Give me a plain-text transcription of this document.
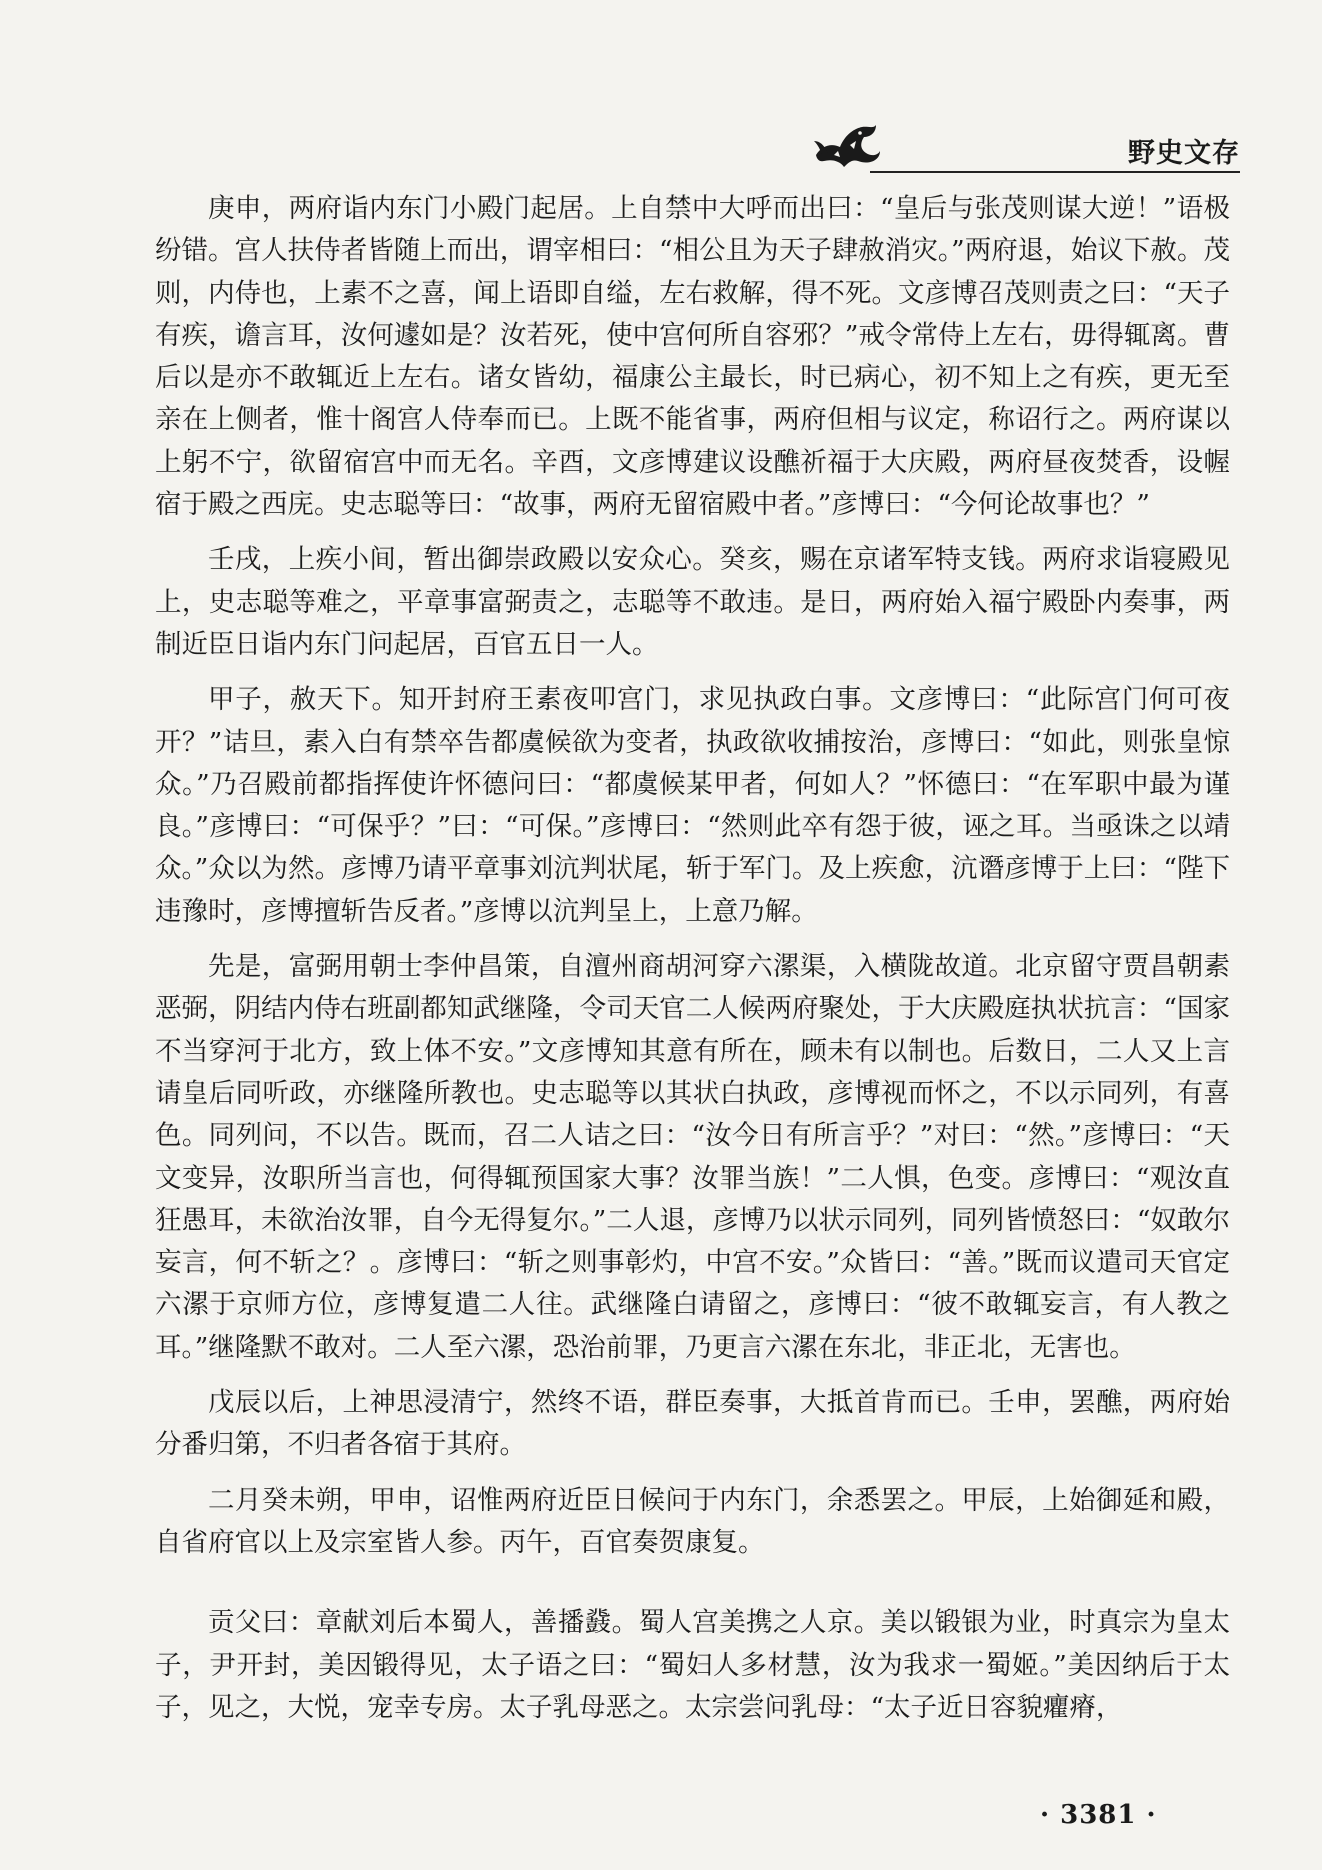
野史文存

庚申，两府诣内东门小殿门起居。上自禁中大呼而出曰：“皇后与张茂则谋大逆！”语极纷错。宫人扶侍者皆随上而出，谓宰相曰：“相公且为天子肆赦消灾。”两府退，始议下赦。茂则，内侍也，上素不之喜，闻上语即自缢，左右救解，得不死。文彦博召茂则责之曰：“天子有疾，谵言耳，汝何遽如是？汝若死，使中宫何所自容邪？”戒令常侍上左右，毋得辄离。曹后以是亦不敢辄近上左右。诸女皆幼，福康公主最长，时已病心，初不知上之有疾，更无至亲在上侧者，惟十阁宫人侍奉而已。上既不能省事，两府但相与议定，称诏行之。两府谋以上躬不宁，欲留宿宫中而无名。辛酉，文彦博建议设醮祈福于大庆殿，两府昼夜焚香，设幄宿于殿之西庑。史志聪等曰：“故事，两府无留宿殿中者。”彦博曰：“今何论故事也？”

壬戌，上疾小间，暂出御崇政殿以安众心。癸亥，赐在京诸军特支钱。两府求诣寝殿见上，史志聪等难之，平章事富弼责之，志聪等不敢违。是日，两府始入福宁殿卧内奏事，两制近臣日诣内东门问起居，百官五日一人。

甲子，赦天下。知开封府王素夜叩宫门，求见执政白事。文彦博曰：“此际宫门何可夜开？”诘旦，素入白有禁卒告都虞候欲为变者，执政欲收捕按治，彦博曰：“如此，则张皇惊众。”乃召殿前都指挥使许怀德问曰：“都虞候某甲者，何如人？”怀德曰：“在军职中最为谨良。”彦博曰：“可保乎？”曰：“可保。”彦博曰：“然则此卒有怨于彼，诬之耳。当亟诛之以靖众。”众以为然。彦博乃请平章事刘沆判状尾，斩于军门。及上疾愈，沆谮彦博于上曰：“陛下违豫时，彦博擅斩告反者。”彦博以沆判呈上，上意乃解。

先是，富弼用朝士李仲昌策，自澶州商胡河穿六漯渠，入横陇故道。北京留守贾昌朝素恶弼，阴结内侍右班副都知武继隆，令司天官二人候两府聚处，于大庆殿庭执状抗言：“国家不当穿河于北方，致上体不安。”文彦博知其意有所在，顾未有以制也。后数日，二人又上言请皇后同听政，亦继隆所教也。史志聪等以其状白执政，彦博视而怀之，不以示同列，有喜色。同列问，不以告。既而，召二人诘之曰：“汝今日有所言乎？”对曰：“然。”彦博曰：“天文变异，汝职所当言也，何得辄预国家大事？汝罪当族！”二人惧，色变。彦博曰：“观汝直狂愚耳，未欲治汝罪，自今无得复尔。”二人退，彦博乃以状示同列，同列皆愤怒曰：“奴敢尔妄言，何不斩之？。彦博曰：“斩之则事彰灼，中宫不安。”众皆曰：“善。”既而议遣司天官定六漯于京师方位，彦博复遣二人往。武继隆白请留之，彦博曰：“彼不敢辄妄言，有人教之耳。”继隆默不敢对。二人至六漯，恐治前罪，乃更言六漯在东北，非正北，无害也。

戊辰以后，上神思浸清宁，然终不语，群臣奏事，大抵首肯而已。壬申，罢醮，两府始分番归第，不归者各宿于其府。

二月癸未朔，甲申，诏惟两府近臣日候问于内东门，余悉罢之。甲辰，上始御延和殿，自省府官以上及宗室皆人参。丙午，百官奏贺康复。

贡父曰：章献刘后本蜀人，善播鼗。蜀人宫美携之人京。美以锻银为业，时真宗为皇太子，尹开封，美因锻得见，太子语之曰：“蜀妇人多材慧，汝为我求一蜀姬。”美因纳后于太子，见之，大悦，宠幸专房。太子乳母恶之。太宗尝问乳母：“太子近日容貌癯瘠，

· 3381 ·
